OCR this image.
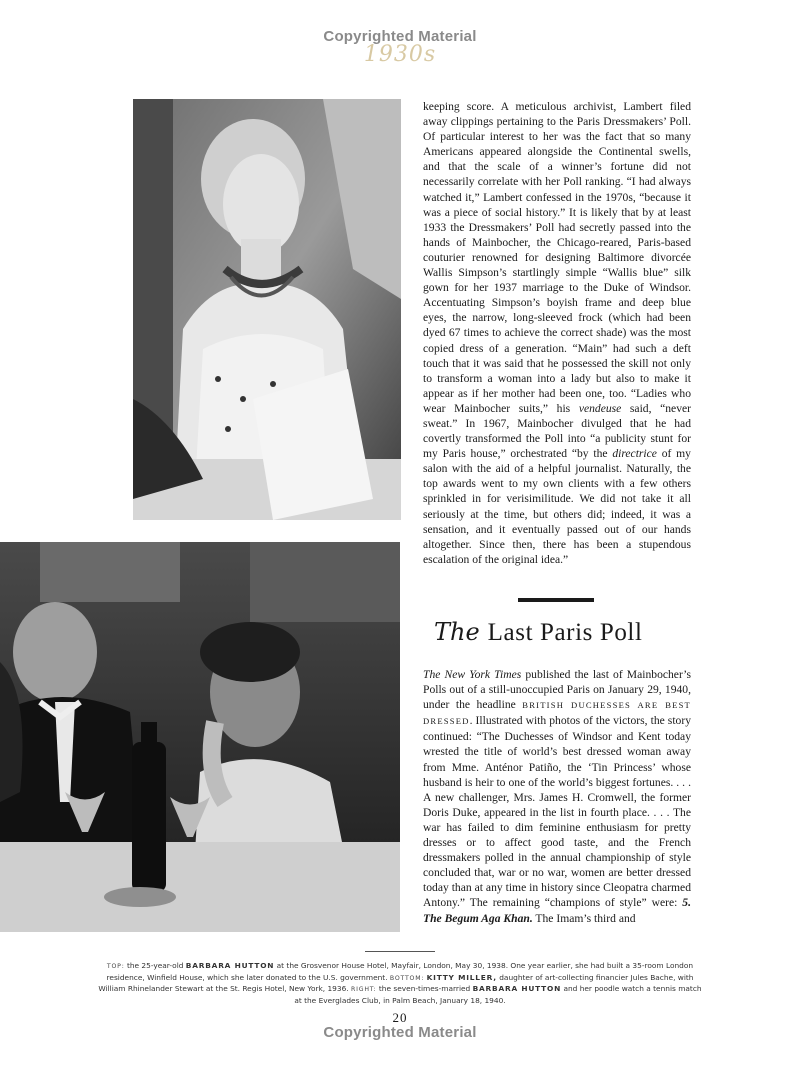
Copyrighted Material
1930s
keeping score. A meticulous archivist, Lambert filed away clippings pertaining to the Paris Dressmakers’ Poll. Of particular interest to her was the fact that so many Americans appeared alongside the Continental swells, and that the scale of a winner’s fortune did not necessarily correlate with her Poll ranking. “I had always watched it,” Lambert confessed in the 1970s, “because it was a piece of social history.” It is likely that by at least 1933 the Dressmakers’ Poll had secretly passed into the hands of Mainbocher, the Chicago-reared, Paris-based couturier renowned for designing Baltimore divorcée Wallis Simpson’s startlingly simple “Wallis blue” silk gown for her 1937 marriage to the Duke of Windsor. Accentuating Simpson’s boyish frame and deep blue eyes, the narrow, long-sleeved frock (which had been dyed 67 times to achieve the correct shade) was the most copied dress of a generation. “Main” had such a deft touch that it was said that he possessed the skill not only to transform a woman into a lady but also to make it appear as if her mother had been one, too. “Ladies who wear Mainbocher suits,” his vendeuse said, “never sweat.” In 1967, Mainbocher divulged that he had covertly transformed the Poll into “a publicity stunt for my Paris house,” orchestrated “by the directrice of my salon with the aid of a helpful journalist. Naturally, the top awards went to my own clients with a few others sprinkled in for verisimilitude. We did not take it all seriously at the time, but others did; indeed, it was a sensation, and it eventually passed out of our hands altogether. Since then, there has been a stupendous escalation of the original idea.”
The Last Paris Poll
The New York Times published the last of Mainbocher’s Polls out of a still-unoccupied Paris on January 29, 1940, under the headline BRITISH DUCHESSES ARE BEST DRESSED. Illustrated with photos of the victors, the story continued: “The Duchesses of Windsor and Kent today wrested the title of world’s best dressed woman away from Mme. Anténor Patiño, the ‘Tin Princess’ whose husband is heir to one of the world’s biggest fortunes. . . . A new challenger, Mrs. James H. Cromwell, the former Doris Duke, appeared in the list in fourth place. . . . The war has failed to dim feminine enthusiasm for pretty dresses or to affect good taste, and the French dressmakers polled in the annual championship of style concluded that, war or no war, women are better dressed today than at any time in history since Cleopatra charmed Antony.” The remaining “champions of style” were: 5. The Begum Aga Khan. The Imam’s third and
TOP: the 25-year-old BARBARA HUTTON at the Grosvenor House Hotel, Mayfair, London, May 30, 1938. One year earlier, she had built a 35-room London residence, Winfield House, which she later donated to the U.S. government. BOTTOM: KITTY MILLER, daughter of art-collecting financier Jules Bache, with William Rhinelander Stewart at the St. Regis Hotel, New York, 1936. RIGHT: the seven-times-married BARBARA HUTTON and her poodle watch a tennis match at the Everglades Club, in Palm Beach, January 18, 1940.
20
Copyrighted Material
